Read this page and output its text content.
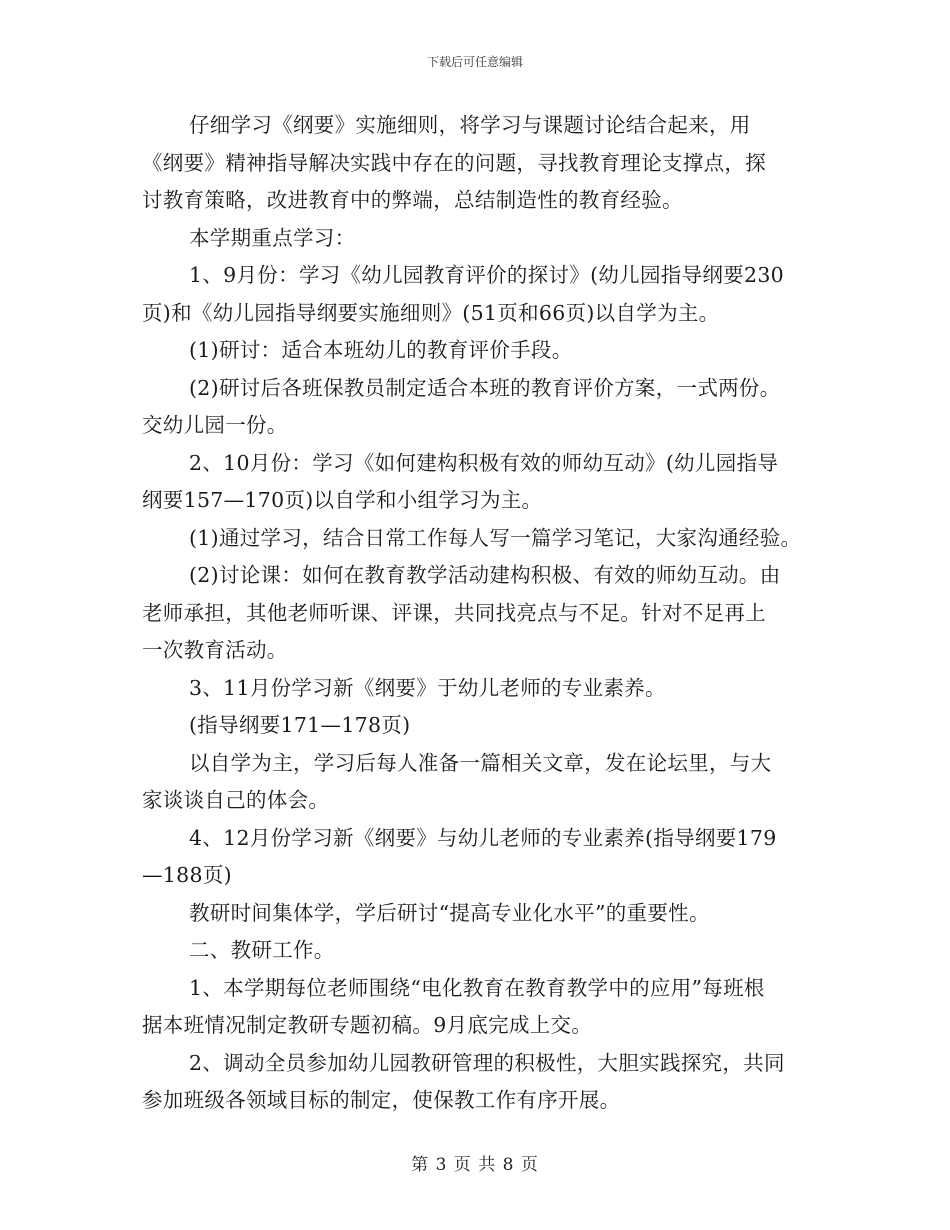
下载后可任意编辑
仔细学习《纲要》实施细则，将学习与课题讨论结合起来，用
《纲要》精神指导解决实践中存在的问题，寻找教育理论支撑点，探
讨教育策略，改进教育中的弊端，总结制造性的教育经验。
本学期重点学习：
1、9月份：学习《幼儿园教育评价的探讨》(幼儿园指导纲要230
页)和《幼儿园指导纲要实施细则》(51页和66页)以自学为主。
(1)研讨：适合本班幼儿的教育评价手段。
(2)研讨后各班保教员制定适合本班的教育评价方案，一式两份。
交幼儿园一份。
2、10月份：学习《如何建构积极有效的师幼互动》(幼儿园指导
纲要157—170页)以自学和小组学习为主。
(1)通过学习，结合日常工作每人写一篇学习笔记，大家沟通经验。
(2)讨论课：如何在教育教学活动建构积极、有效的师幼互动。由
老师承担，其他老师听课、评课，共同找亮点与不足。针对不足再上
一次教育活动。
3、11月份学习新《纲要》于幼儿老师的专业素养。
(指导纲要171—178页)
以自学为主，学习后每人准备一篇相关文章，发在论坛里，与大
家谈谈自己的体会。
4、12月份学习新《纲要》与幼儿老师的专业素养(指导纲要179
—188页)
教研时间集体学，学后研讨“提高专业化水平”的重要性。
二、教研工作。
1、本学期每位老师围绕“电化教育在教育教学中的应用”每班根
据本班情况制定教研专题初稿。9月底完成上交。
2、调动全员参加幼儿园教研管理的积极性，大胆实践探究，共同
参加班级各领域目标的制定，使保教工作有序开展。
第 3 页 共 8 页
